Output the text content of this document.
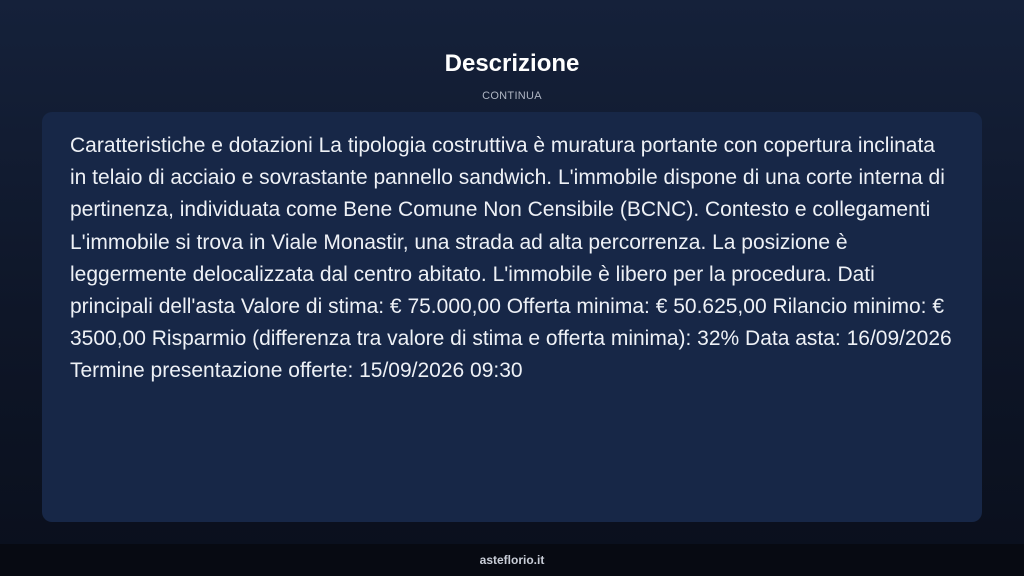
Descrizione
CONTINUA

Caratteristiche e dotazioni La tipologia costruttiva è muratura portante con copertura inclinata in telaio di acciaio e sovrastante pannello sandwich. L'immobile dispone di una corte interna di pertinenza, individuata come Bene Comune Non Censibile (BCNC). Contesto e collegamenti L'immobile si trova in Viale Monastir, una strada ad alta percorrenza. La posizione è leggermente delocalizzata dal centro abitato. L'immobile è libero per la procedura. Dati principali dell'asta Valore di stima: € 75.000,00 Offerta minima: € 50.625,00 Rilancio minimo: € 3500,00 Risparmio (differenza tra valore di stima e offerta minima): 32% Data asta: 16/09/2026 Termine presentazione offerte: 15/09/2026 09:30

asteflorio.it
